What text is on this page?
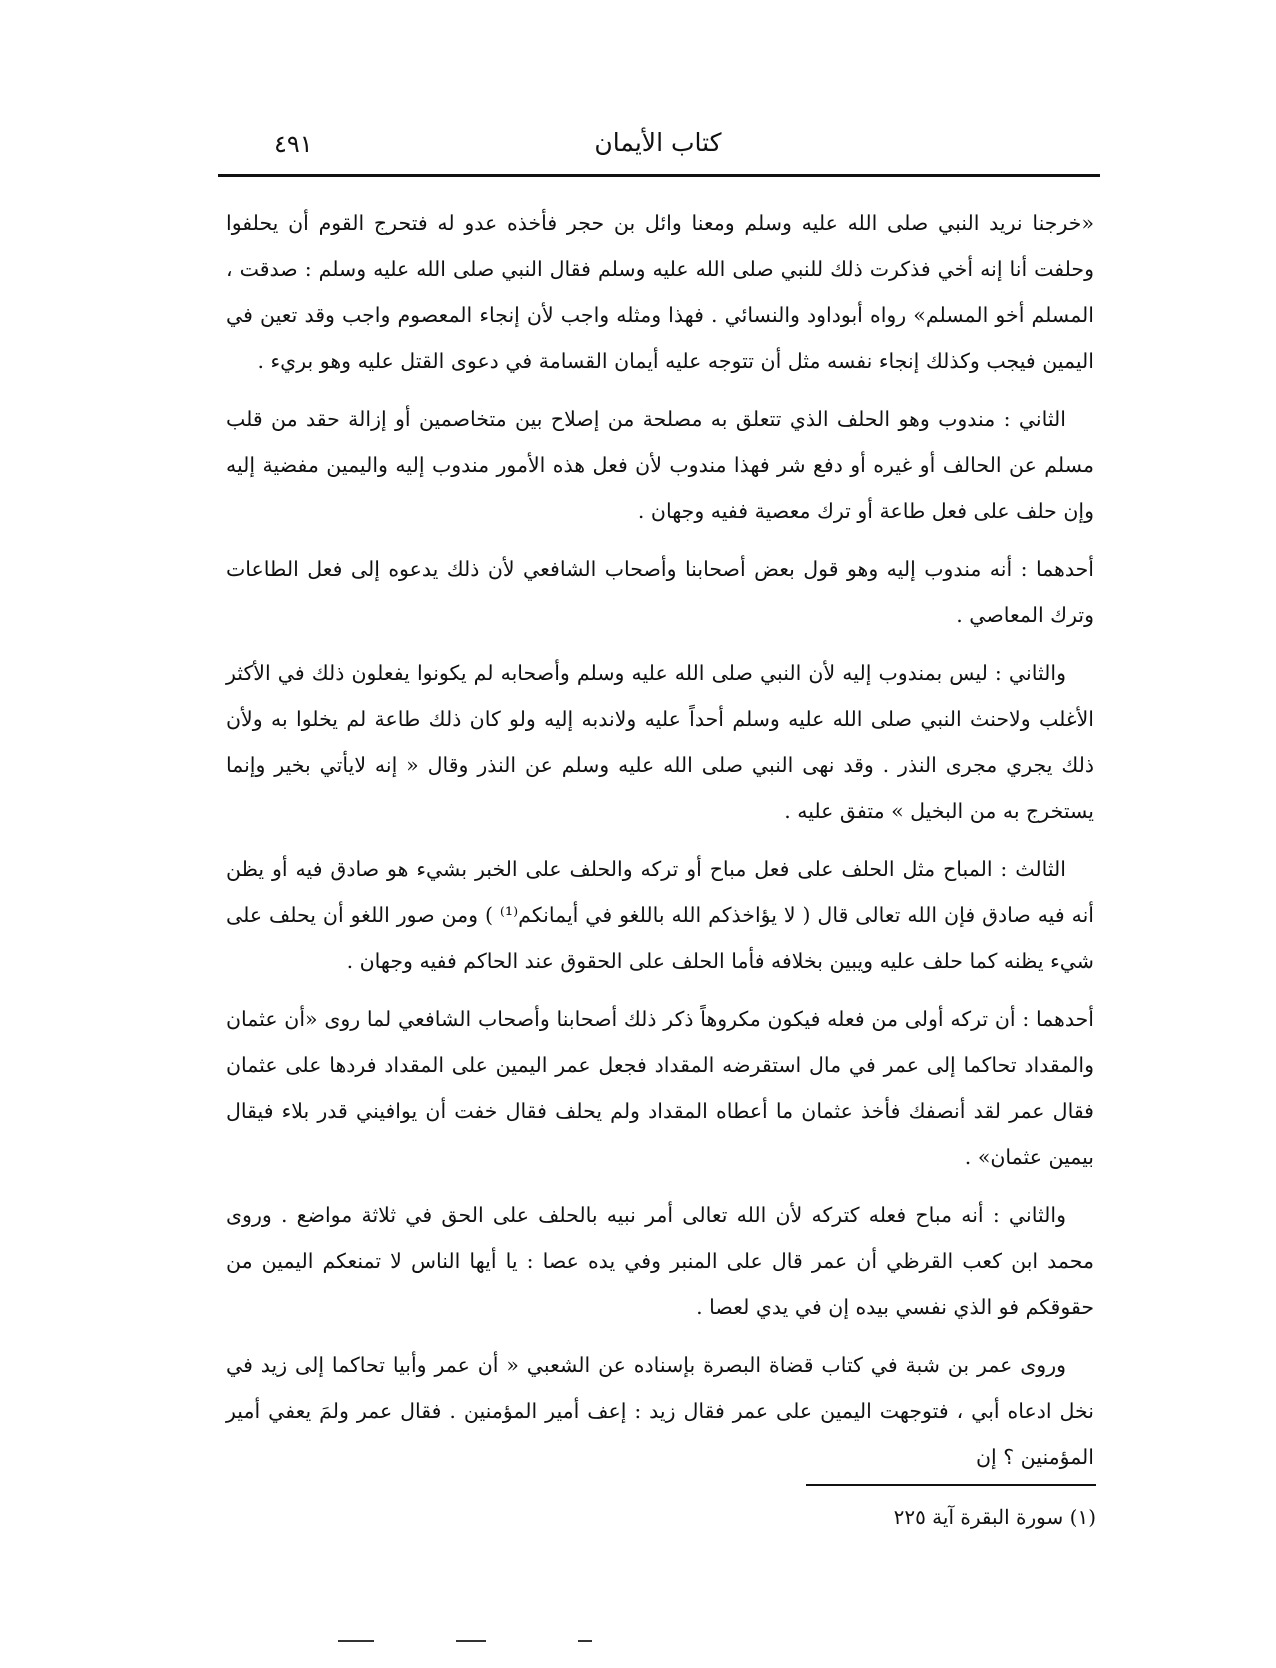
كتاب الأيمان
٤٩١

«خرجنا نريد النبي صلى الله عليه وسلم ومعنا وائل بن حجر فأخذه عدو له فتحرج القوم أن يحلفوا وحلفت أنا إنه أخي فذكرت ذلك للنبي صلى الله عليه وسلم فقال النبي صلى الله عليه وسلم : صدقت ، المسلم أخو المسلم» رواه أبوداود والنسائي . فهذا ومثله واجب لأن إنجاء المعصوم واجب وقد تعين في اليمين فيجب وكذلك إنجاء نفسه مثل أن تتوجه عليه أيمان القسامة في دعوى القتل عليه وهو بريء .

الثاني : مندوب وهو الحلف الذي تتعلق به مصلحة من إصلاح بين متخاصمين أو إزالة حقد من قلب مسلم عن الحالف أو غيره أو دفع شر فهذا مندوب لأن فعل هذه الأمور مندوب إليه واليمين مفضية إليه وإن حلف على فعل طاعة أو ترك معصية ففيه وجهان .

أحدهما : أنه مندوب إليه وهو قول بعض أصحابنا وأصحاب الشافعي لأن ذلك يدعوه إلى فعل الطاعات وترك المعاصي .

والثاني : ليس بمندوب إليه لأن النبي صلى الله عليه وسلم وأصحابه لم يكونوا يفعلون ذلك في الأكثر الأغلب ولاحنث النبي صلى الله عليه وسلم أحداً عليه ولاندبه إليه ولو كان ذلك طاعة لم يخلوا به ولأن ذلك يجري مجرى النذر . وقد نهى النبي صلى الله عليه وسلم عن النذر وقال « إنه لايأتي بخير وإنما يستخرج به من البخيل » متفق عليه .

الثالث : المباح مثل الحلف على فعل مباح أو تركه والحلف على الخبر بشيء هو صادق فيه أو يظن أنه فيه صادق فإن الله تعالى قال ( لا يؤاخذكم الله باللغو في أيمانكم⁽¹⁾ ) ومن صور اللغو أن يحلف على شيء يظنه كما حلف عليه ويبين بخلافه فأما الحلف على الحقوق عند الحاكم ففيه وجهان .

أحدهما : أن تركه أولى من فعله فيكون مكروهاً ذكر ذلك أصحابنا وأصحاب الشافعي لما روى «أن عثمان والمقداد تحاكما إلى عمر في مال استقرضه المقداد فجعل عمر اليمين على المقداد فردها على عثمان فقال عمر لقد أنصفك فأخذ عثمان ما أعطاه المقداد ولم يحلف فقال خفت أن يوافيني قدر بلاء فيقال بيمين عثمان» .

والثاني : أنه مباح فعله كتركه لأن الله تعالى أمر نبيه بالحلف على الحق في ثلاثة مواضع . وروى محمد ابن كعب القرظي أن عمر قال على المنبر وفي يده عصا : يا أيها الناس لا تمنعكم اليمين من حقوقكم فو الذي نفسي بيده إن في يدي لعصا .

وروى عمر بن شبة في كتاب قضاة البصرة بإسناده عن الشعبي « أن عمر وأبيا تحاكما إلى زيد في نخل ادعاه أبي ، فتوجهت اليمين على عمر فقال زيد : إعف أمير المؤمنين . فقال عمر ولمَ يعفي أمير المؤمنين ؟ إن

(١) سورة البقرة آية ٢٢٥
